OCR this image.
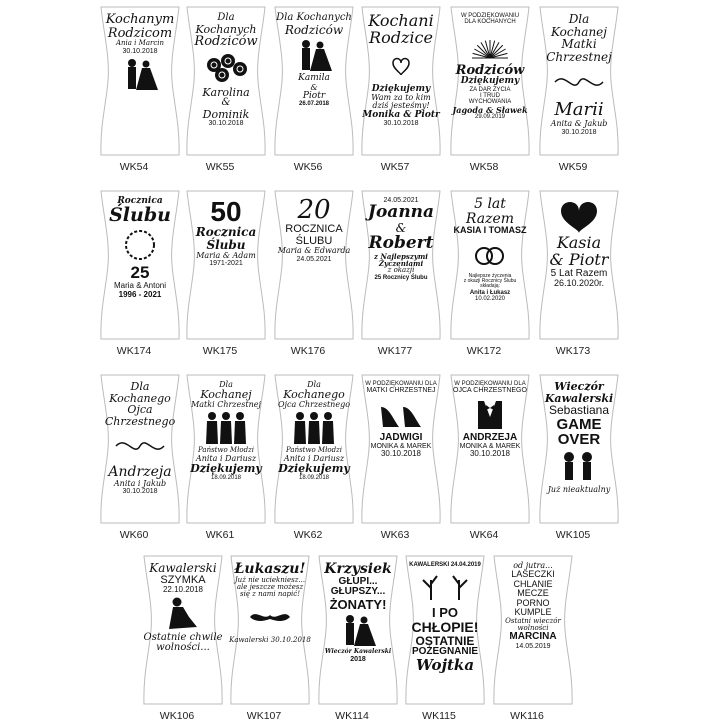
Kochanym
Rodzicom
Ania i Marcin
30.10.2018
WK54
Dla
Kochanych
Rodziców
Karolina
&
Dominik
30.10.2018
WK55
Dla Kochanych
Rodziców
Kamila
&
Piotr
26.07.2018
WK56
Kochani
Rodzice
Dziękujemy
Wam za to kim
dziś jesteśmy!
Monika & Piotr
30.10.2018
WK57
W PODZIĘKOWANIU
DLA KOCHANYCH
Rodziców
Dziękujemy
ZA DAR ŻYCIA
I TRUD
WYCHOWANIA
Jagoda & Sławek
29.09.2019
WK58
Dla
Kochanej
Matki
Chrzestnej
Marii
Anita & Jakub
30.10.2018
WK59
Rocznica
Ślubu
25
Maria & Antoni
1996 - 2021
WK174
50
Rocznica
Ślubu
Maria & Adam
1971-2021
WK175
20
ROCZNICA
ŚLUBU
Maria & Edwarda
24.05.2021
WK176
24.05.2021
Joanna
&
Robert
z Najlepszymi
Życzeniami
z okazji
25 Rocznicy Ślubu
WK177
5 lat
Razem
KASIA I TOMASZ
Najlepsze życzenia
z okazji Rocznicy Ślubu
składają:
Anita i Łukasz
10.02.2020
WK172
Kasia
& Piotr
5 Lat Razem
26.10.2020r.
WK173
Dla
Kochanego
Ojca
Chrzestnego
Andrzeja
Anita i Jakub
30.10.2018
WK60
Dla
Kochanej
Matki Chrzestnej
Państwo Młodzi
Anita i Dariusz
Dziękujemy
18.09.2018
WK61
Dla
Kochanego
Ojca Chrzestnego
Państwo Młodzi
Anita i Dariusz
Dziękujemy
18.09.2018
WK62
W PODZIĘKOWANIU DLA
MATKI CHRZESTNEJ
JADWIGI
MONIKA & MAREK
30.10.2018
WK63
W PODZIĘKOWANIU DLA
OJCA CHRZESTNEGO
ANDRZEJA
MONIKA & MAREK
30.10.2018
WK64
Wieczór
Kawalerski
Sebastiana
GAME
OVER
Już nieaktualny
WK105
Kawalerski
SZYMKA
22.10.2018
Ostatnie chwile
wolności...
WK106
Łukaszu!
Już nie uciekniesz...
ale jeszcze możesz
się z nami napić!
Kawalerski 30.10.2018
WK107
Krzysiek
GŁUPI...
GŁUPSZY...
ŻONATY!
Wieczór Kawalerski
2018
WK114
KAWALERSKI 24.04.2019
I PO
CHŁOPIE!
OSTATNIE
POŻEGNANIE
Wojtka
WK115
od jutra...
LASECZKI
CHLANIE
MECZE
PORNO
KUMPLE
Ostatni wieczór
wolności
MARCINA
14.05.2019
WK116
